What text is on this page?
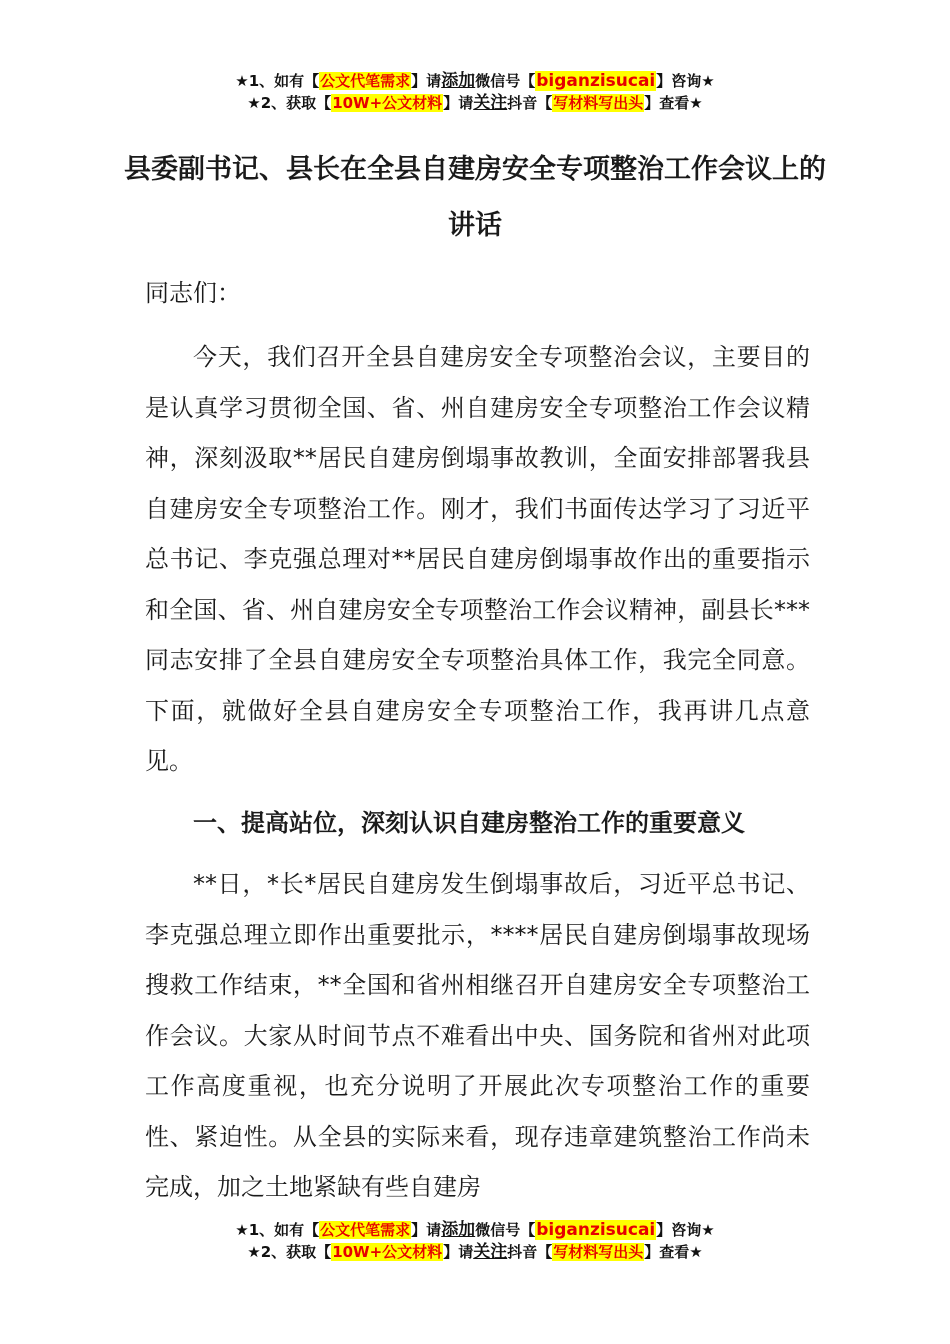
★1、如有【公文代笔需求】请添加微信号【biganzisucai】咨询★
★2、获取【10W+公文材料】请关注抖音【写材料写出头】查看★
县委副书记、县长在全县自建房安全专项整治工作会议上的讲话
同志们：

今天，我们召开全县自建房安全专项整治会议，主要目的是认真学习贯彻全国、省、州自建房安全专项整治工作会议精神，深刻汲取**居民自建房倒塌事故教训，全面安排部署我县自建房安全专项整治工作。刚才，我们书面传达学习了习近平总书记、李克强总理对**居民自建房倒塌事故作出的重要指示和全国、省、州自建房安全专项整治工作会议精神，副县长***同志安排了全县自建房安全专项整治具体工作，我完全同意。下面，就做好全县自建房安全专项整治工作，我再讲几点意见。

一、提高站位，深刻认识自建房整治工作的重要意义

**日，*长*居民自建房发生倒塌事故后，习近平总书记、李克强总理立即作出重要批示，****居民自建房倒塌事故现场搜救工作结束，**全国和省州相继召开自建房安全专项整治工作会议。大家从时间节点不难看出中央、国务院和省州对此项工作高度重视，也充分说明了开展此次专项整治工作的重要性、紧迫性。从全县的实际来看，现存违章建筑整治工作尚未完成，加之土地紧缺有些自建房

★1、如有【公文代笔需求】请添加微信号【biganzisucai】咨询★
★2、获取【10W+公文材料】请关注抖音【写材料写出头】查看★
